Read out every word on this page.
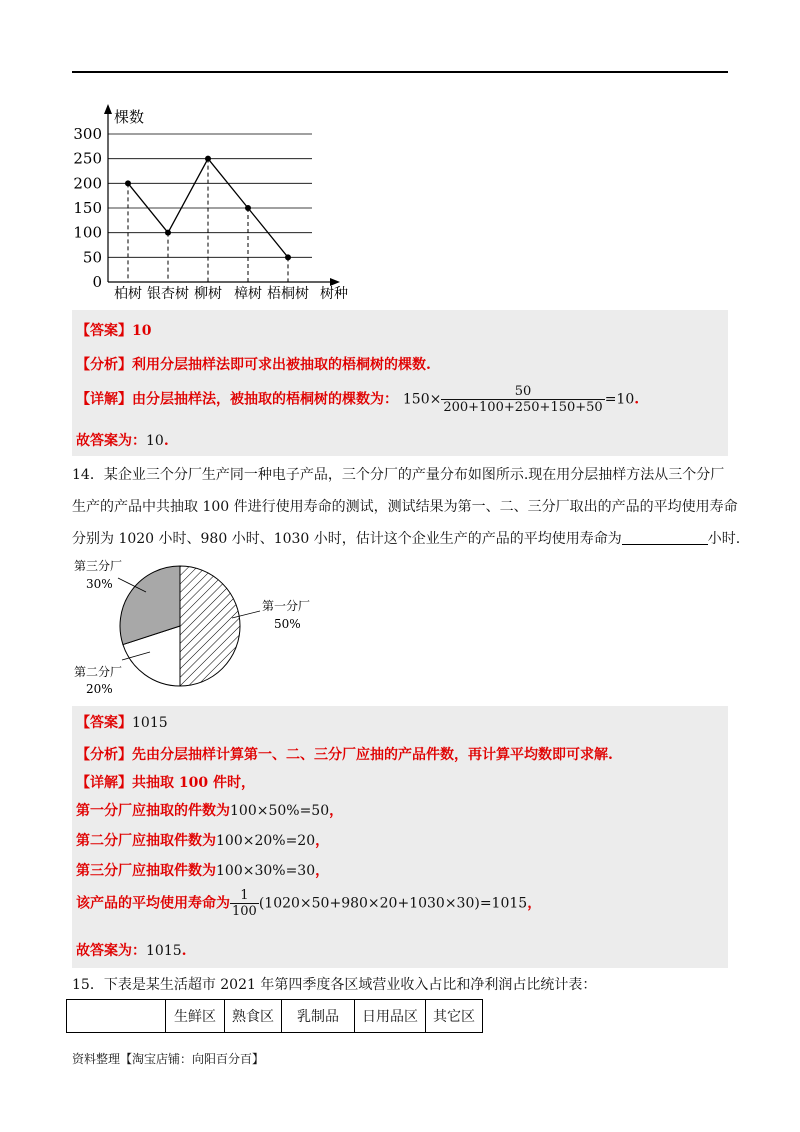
棵数
树种
300
250
200
150
100
50
0
柏树 银杏树 柳树 樟树 梧桐树
【答案】10
【分析】利用分层抽样法即可求出被抽取的梧桐树的棵数.
【详解】由分层抽样法，被抽取的梧桐树的棵数为： $150\times \frac{50}{200+100+250+150+50} =10$.
故答案为：10.
14．某企业三个分厂生产同一种电子产品，三个分厂的产量分布如图所示.现在用分层抽样方法从三个分厂
生产的产品中共抽取 100 件进行使用寿命的测试，测试结果为第一、二、三分厂取出的产品的平均使用寿命
分别为 1020 小时、980 小时、1030 小时，估计这个企业生产的产品的平均使用寿命为	小时.
第三分厂
30%
第一分厂
50%
第二分厂
20%
【答案】1015
【分析】先由分层抽样计算第一、二、三分厂应抽的产品件数，再计算平均数即可求解.
【详解】共抽取 100 件时，
第一分厂应抽取的件数为100×50%=50，
第二分厂应抽取件数为100×20%=20，
第三分厂应抽取件数为100×30%=30，
该产品的平均使用寿命为 $\frac{1}{100} (1020\times 50+980\times 20+1030\times 30)=1015$，
故答案为：1015.
15．下表是某生活超市 2021 年第四季度各区域营业收入占比和净利润占比统计表：
	生鲜区	熟食区	乳制品	日用品区	其它区
资料整理【淘宝店铺：向阳百分百】
